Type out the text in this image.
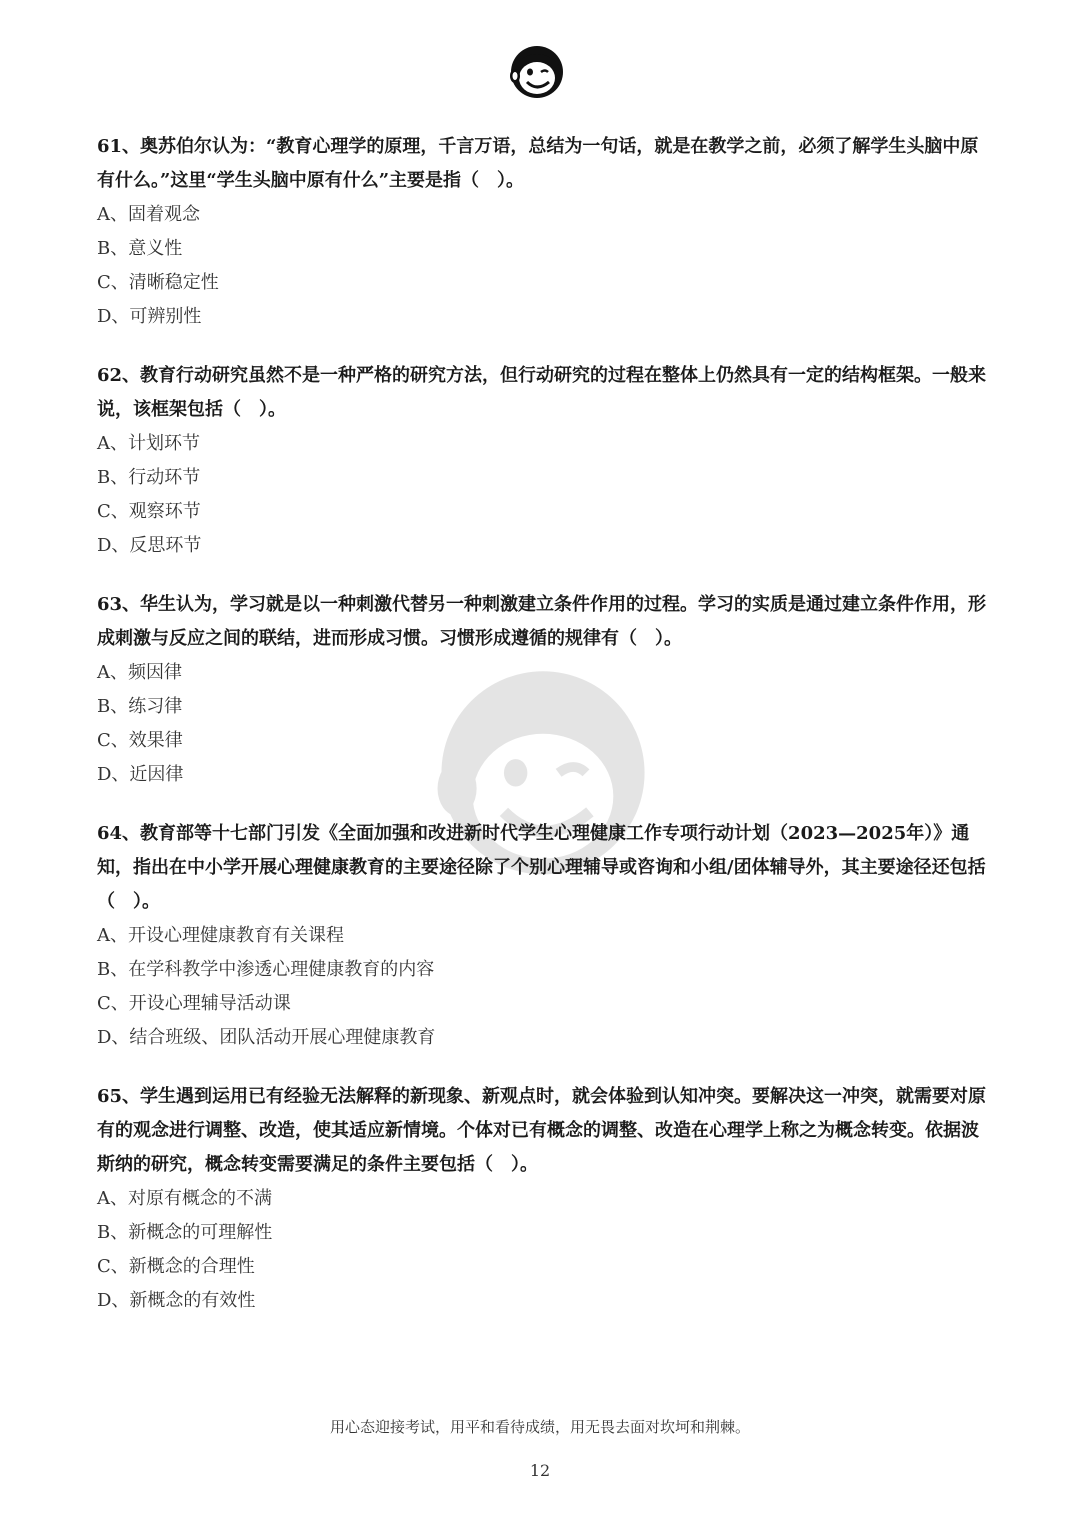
61、奥苏伯尔认为：“教育心理学的原理，千言万语，总结为一句话，就是在教学之前，必须了解学生头脑中原有什么。”这里“学生头脑中原有什么”主要是指（　）。

A、固着观念

B、意义性

C、清晰稳定性

D、可辨别性

62、教育行动研究虽然不是一种严格的研究方法，但行动研究的过程在整体上仍然具有一定的结构框架。一般来说，该框架包括（　）。

A、计划环节

B、行动环节

C、观察环节

D、反思环节

63、华生认为，学习就是以一种刺激代替另一种刺激建立条件作用的过程。学习的实质是通过建立条件作用，形成刺激与反应之间的联结，进而形成习惯。习惯形成遵循的规律有（　）。

A、频因律

B、练习律

C、效果律

D、近因律

64、教育部等十七部门引发《全面加强和改进新时代学生心理健康工作专项行动计划（2023—2025年）》通知，指出在中小学开展心理健康教育的主要途径除了个别心理辅导或咨询和小组/团体辅导外，其主要途径还包括（　）。

A、开设心理健康教育有关课程

B、在学科教学中渗透心理健康教育的内容

C、开设心理辅导活动课

D、结合班级、团队活动开展心理健康教育

65、学生遇到运用已有经验无法解释的新现象、新观点时，就会体验到认知冲突。要解决这一冲突，就需要对原有的观念进行调整、改造，使其适应新情境。个体对已有概念的调整、改造在心理学上称之为概念转变。依据波斯纳的研究，概念转变需要满足的条件主要包括（　）。

A、对原有概念的不满

B、新概念的可理解性

C、新概念的合理性

D、新概念的有效性

用心态迎接考试，用平和看待成绩，用无畏去面对坎坷和荆棘。
12
